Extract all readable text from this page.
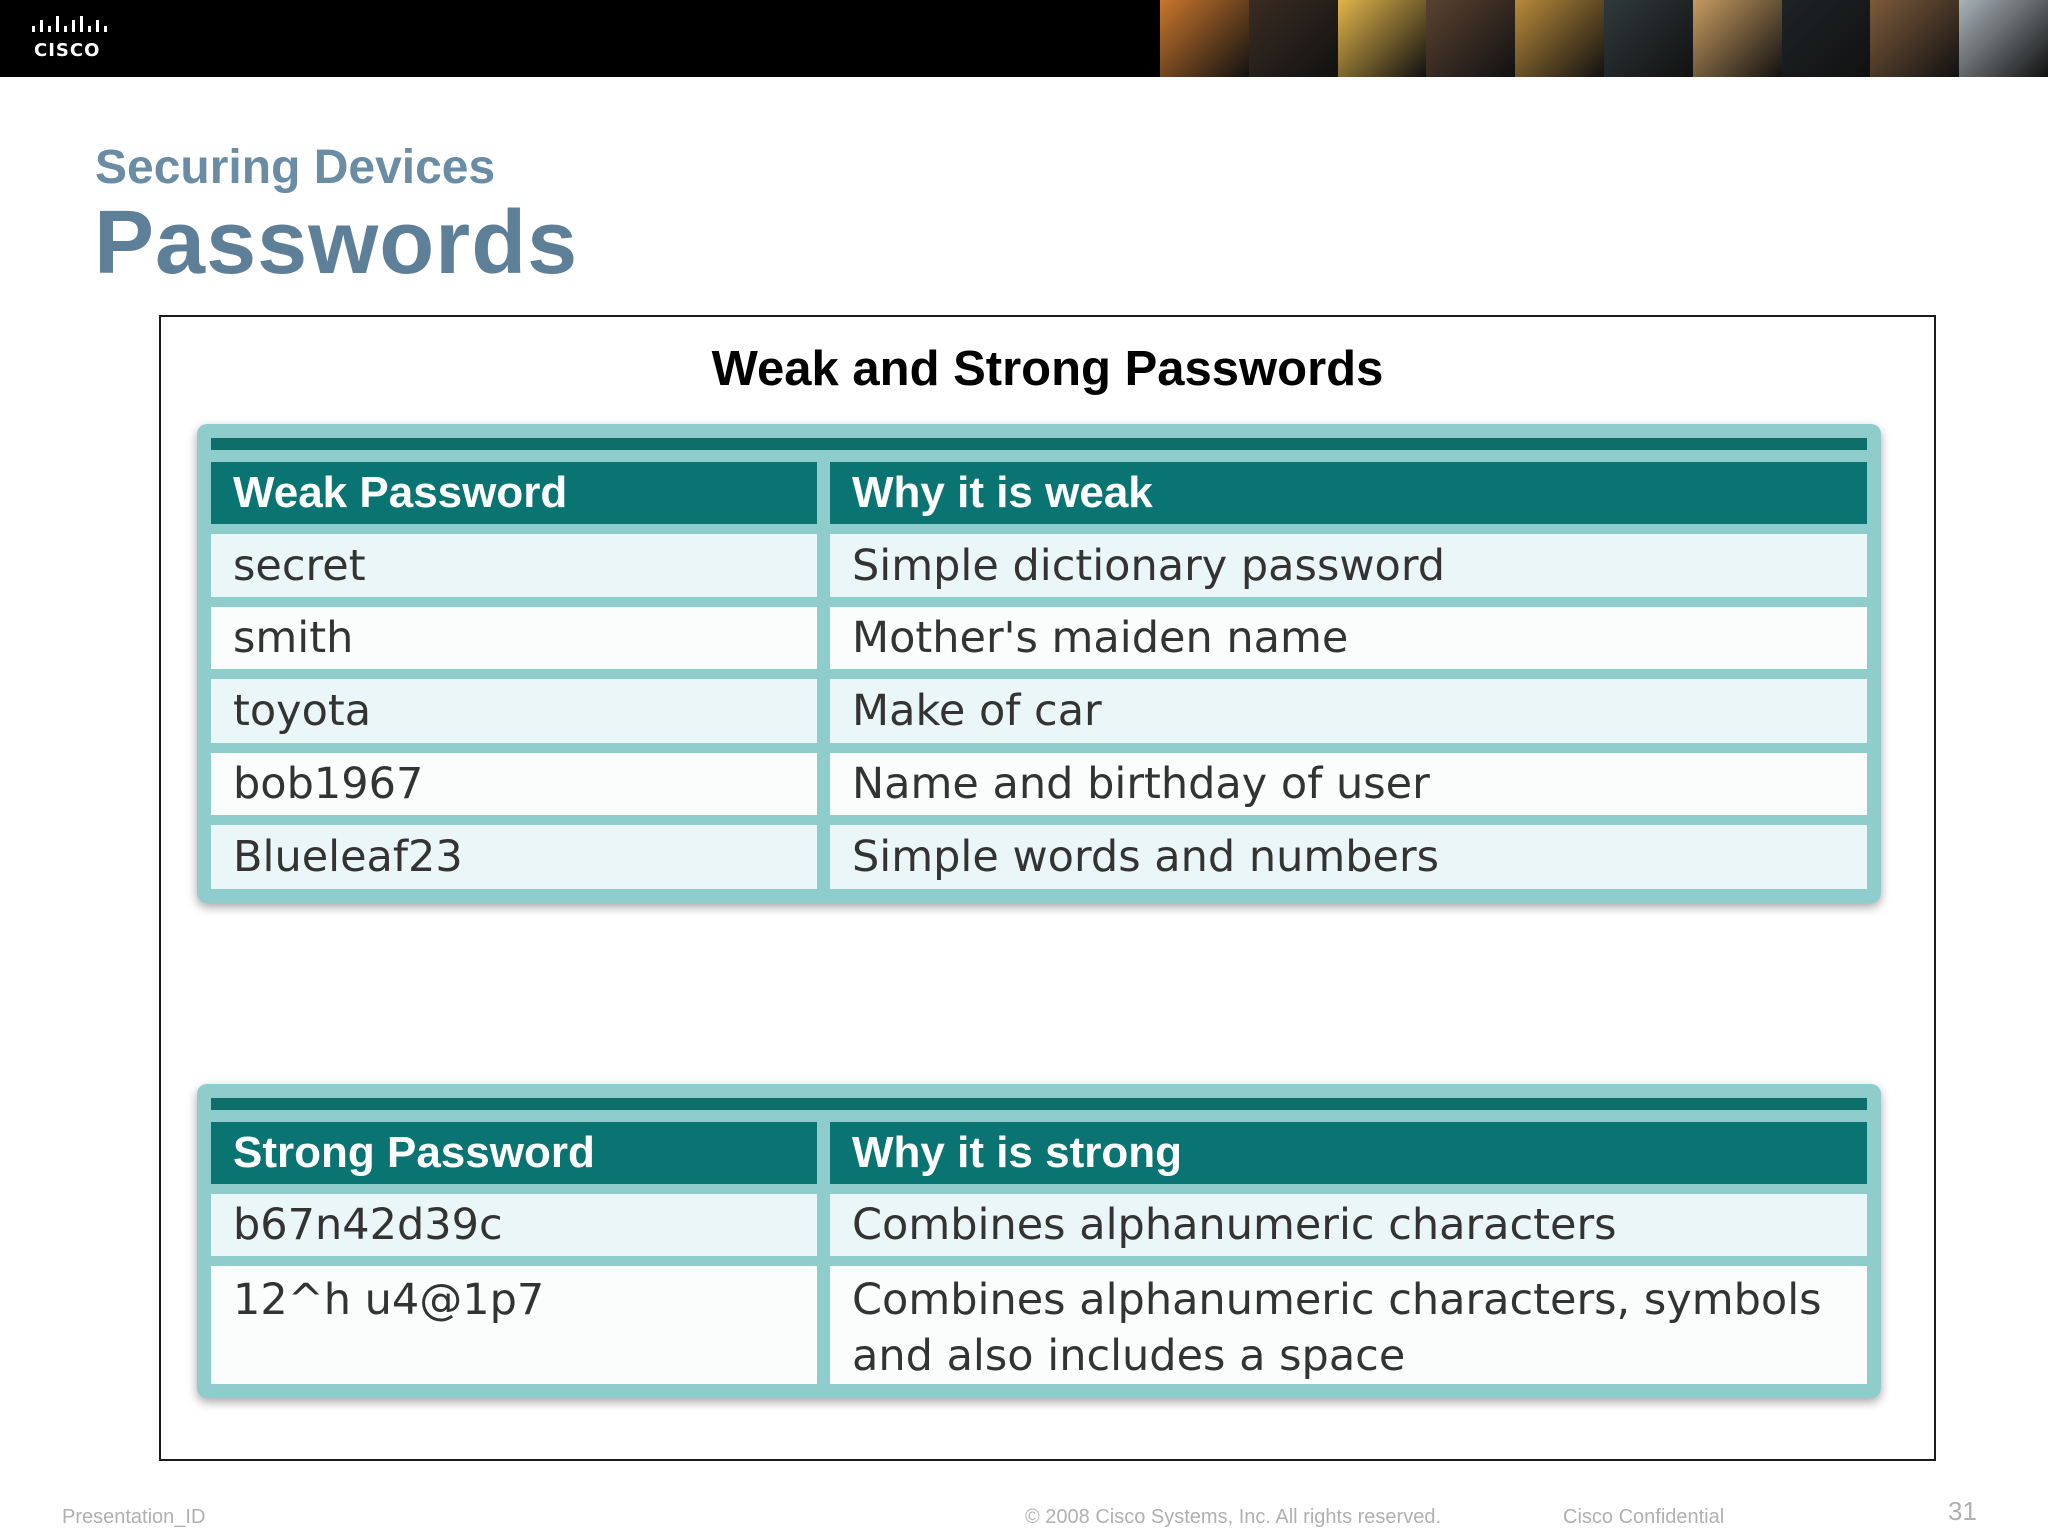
CISCO
Securing Devices
Passwords
Weak and Strong Passwords
Weak Password	Why it is weak
secret	Simple dictionary password
smith	Mother's maiden name
toyota	Make of car
bob1967	Name and birthday of user
Blueleaf23	Simple words and numbers
Strong Password	Why it is strong
b67n42d39c	Combines alphanumeric characters
12^h u4@1p7	Combines alphanumeric characters, symbols
and also includes a space
Presentation_ID	© 2008 Cisco Systems, Inc. All rights reserved.	Cisco Confidential	31
